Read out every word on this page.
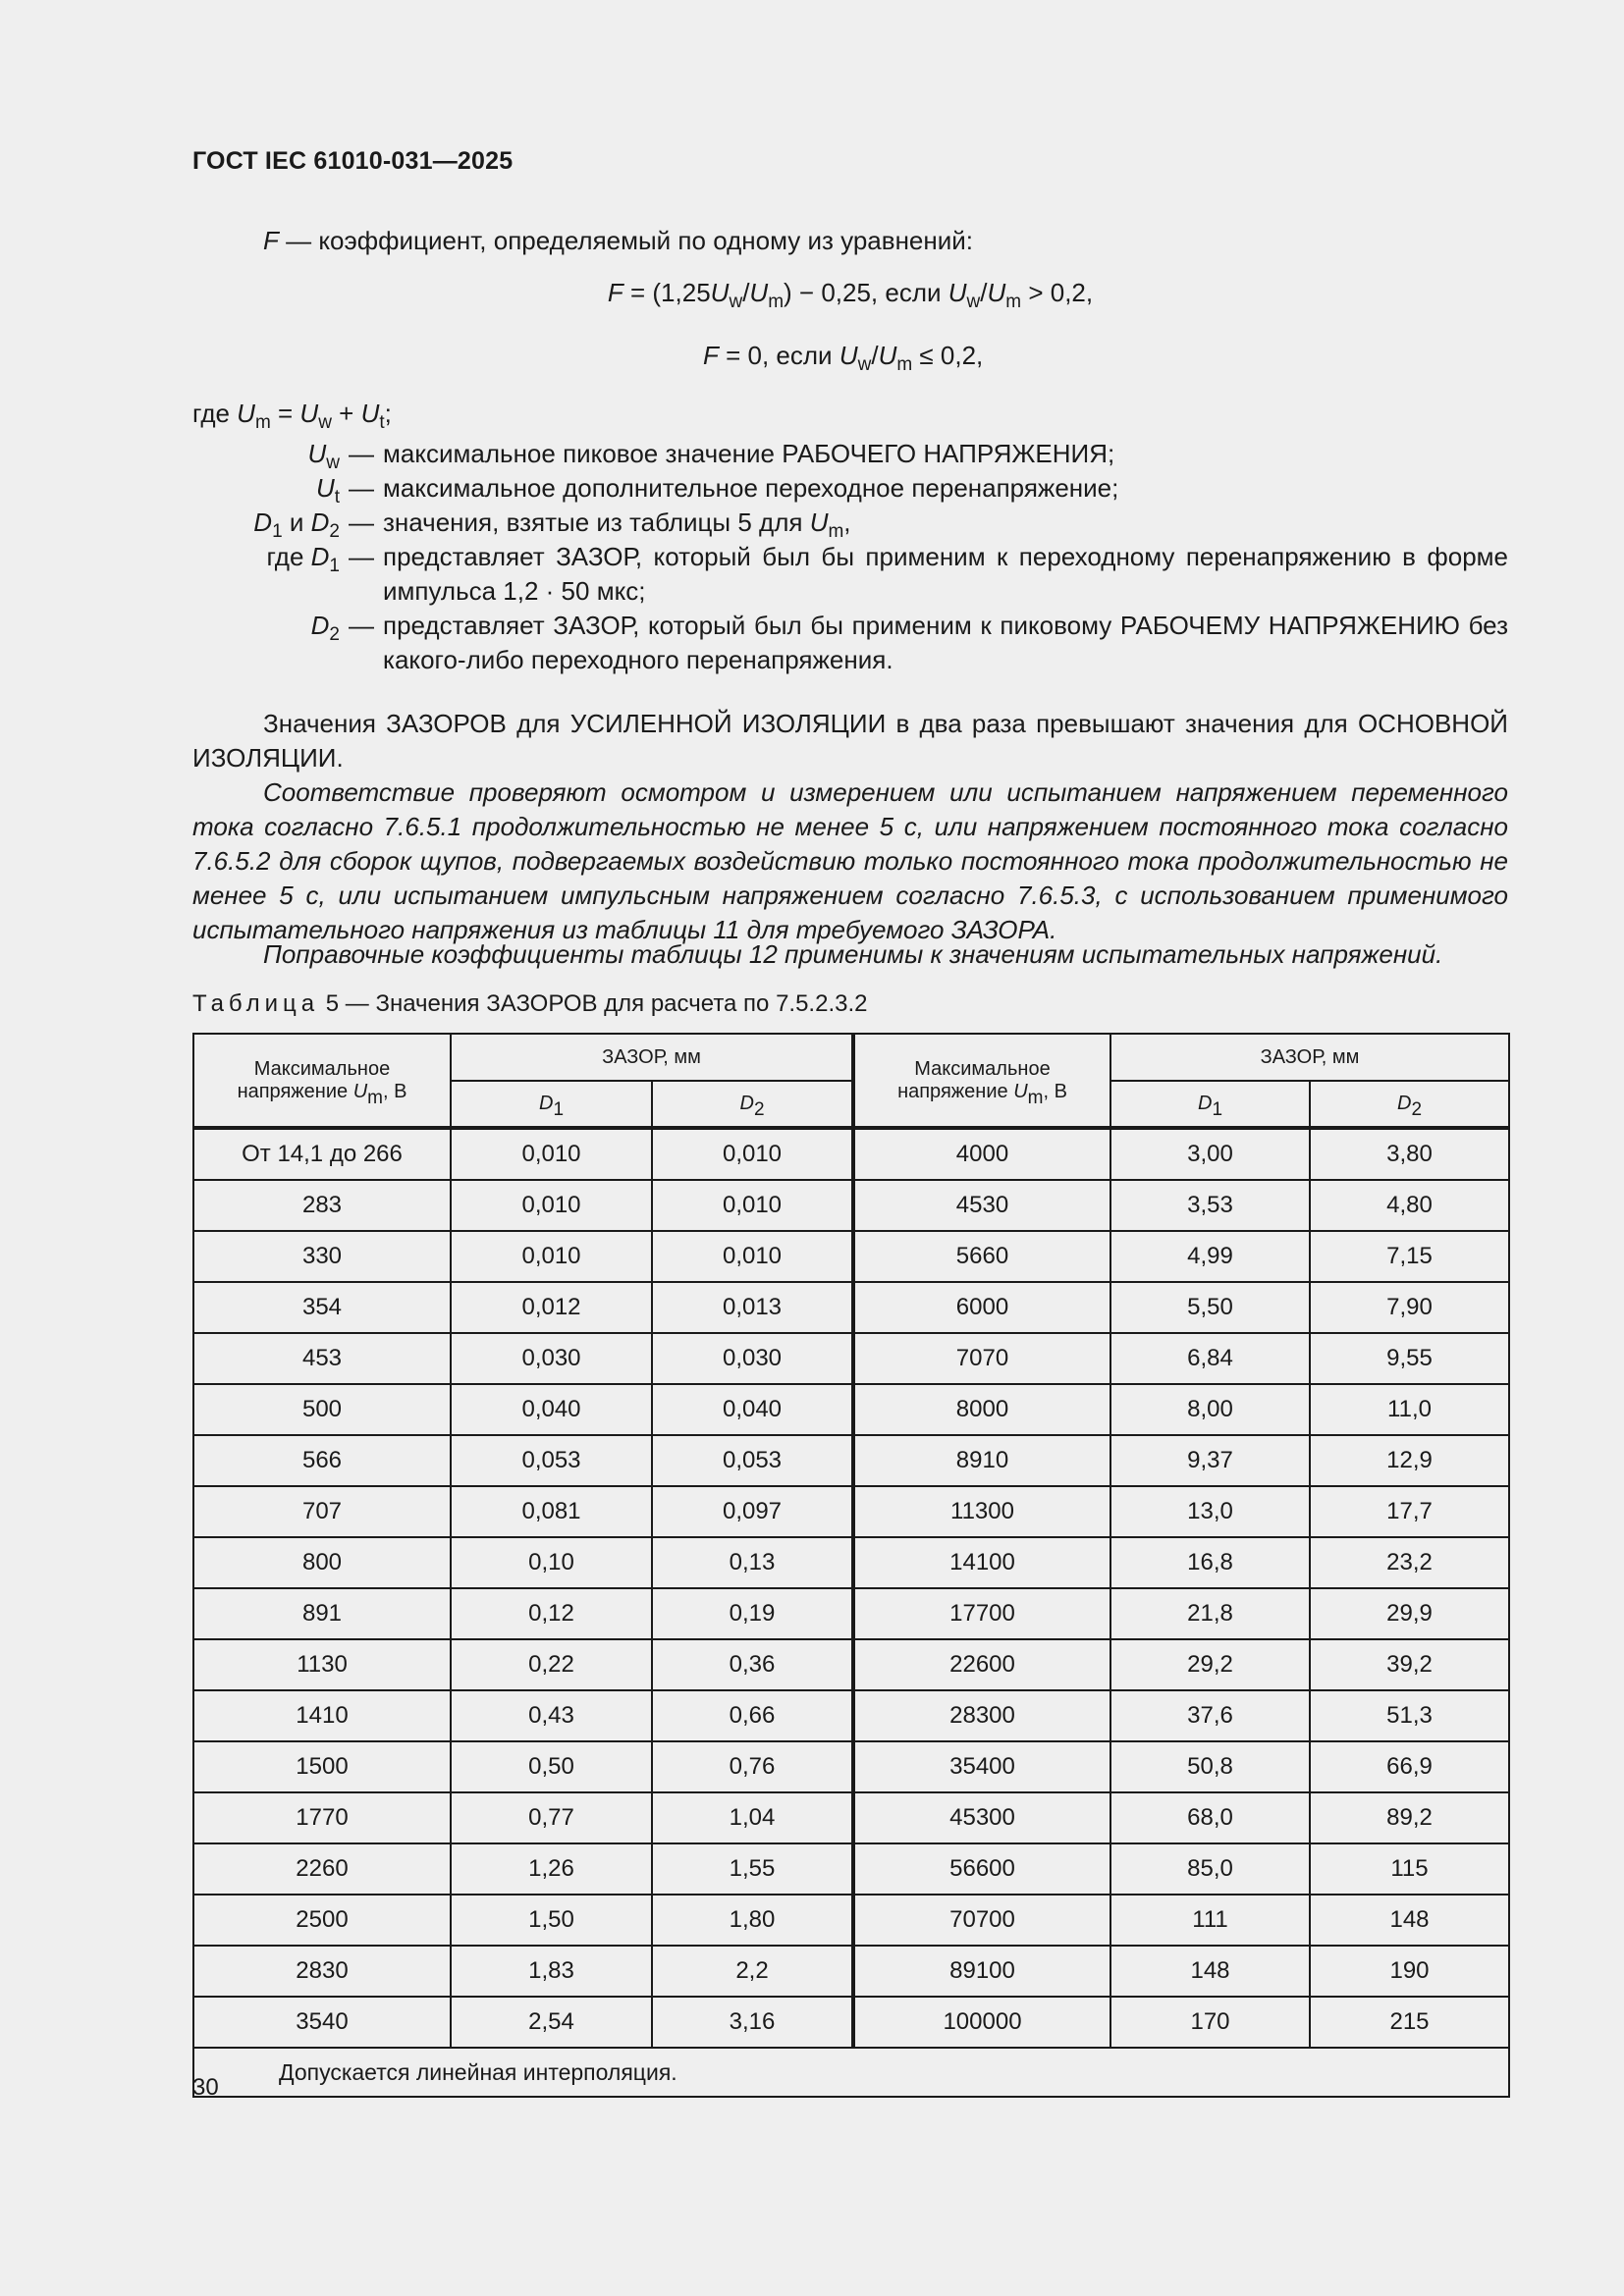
ГОСТ IEC 61010-031—2025
F — коэффициент, определяемый по одному из уравнений:
$F = (1,25U_w/U_m) - 0,25$, если $U_w/U_m > 0,2$,
F = 0, если $U_w/U_m \le 0,2$,
где $U_m = U_w + U_t$;
$U_w$ — максимальное пиковое значение РАБОЧЕГО НАПРЯЖЕНИЯ;
$U_t$ — максимальное дополнительное переходное перенапряжение;
$D_1$ и $D_2$ — значения, взятые из таблицы 5 для $U_m$,
где $D_1$ — представляет ЗАЗОР, который был бы применим к переходному перенапряжению в форме импульса 1,2 · 50 мкс;
$D_2$ — представляет ЗАЗОР, который был бы применим к пиковому РАБОЧЕМУ НАПРЯЖЕНИЮ без какого-либо переходного перенапряжения.
Значения ЗАЗОРОВ для УСИЛЕННОЙ ИЗОЛЯЦИИ в два раза превышают значения для ОСНОВНОЙ ИЗОЛЯЦИИ.
Соответствие проверяют осмотром и измерением или испытанием напряжением переменного тока согласно 7.6.5.1 продолжительностью не менее 5 с, или напряжением постоянного тока согласно 7.6.5.2 для сборок щупов, подвергаемых воздействию только постоянного тока продолжительностью не менее 5 с, или испытанием импульсным напряжением согласно 7.6.5.3, с использованием применимого испытательного напряжения из таблицы 11 для требуемого ЗАЗОРА.
Поправочные коэффициенты таблицы 12 применимы к значениям испытательных напряжений.
Таблица 5 — Значения ЗАЗОРОВ для расчета по 7.5.2.3.2
Максимальное
напряжение $U_m$, В	ЗАЗОР, мм		Максимальное
напряжение $U_m$, В	ЗАЗОР, мм	
	$D_1$	$D_2$		$D_1$	$D_2$
От 14,1 до 266	0,010	0,010	4000	3,00	3,80
283	0,010	0,010	4530	3,53	4,80
330	0,010	0,010	5660	4,99	7,15
354	0,012	0,013	6000	5,50	7,90
453	0,030	0,030	7070	6,84	9,55
500	0,040	0,040	8000	8,00	11,0
566	0,053	0,053	8910	9,37	12,9
707	0,081	0,097	11300	13,0	17,7
800	0,10	0,13	14100	16,8	23,2
891	0,12	0,19	17700	21,8	29,9
1130	0,22	0,36	22600	29,2	39,2
1410	0,43	0,66	28300	37,6	51,3
1500	0,50	0,76	35400	50,8	66,9
1770	0,77	1,04	45300	68,0	89,2
2260	1,26	1,55	56600	85,0	115
2500	1,50	1,80	70700	111	148
2830	1,83	2,2	89100	148	190
3540	2,54	3,16	100000	170	215
Допускается линейная интерполяция.					
30
